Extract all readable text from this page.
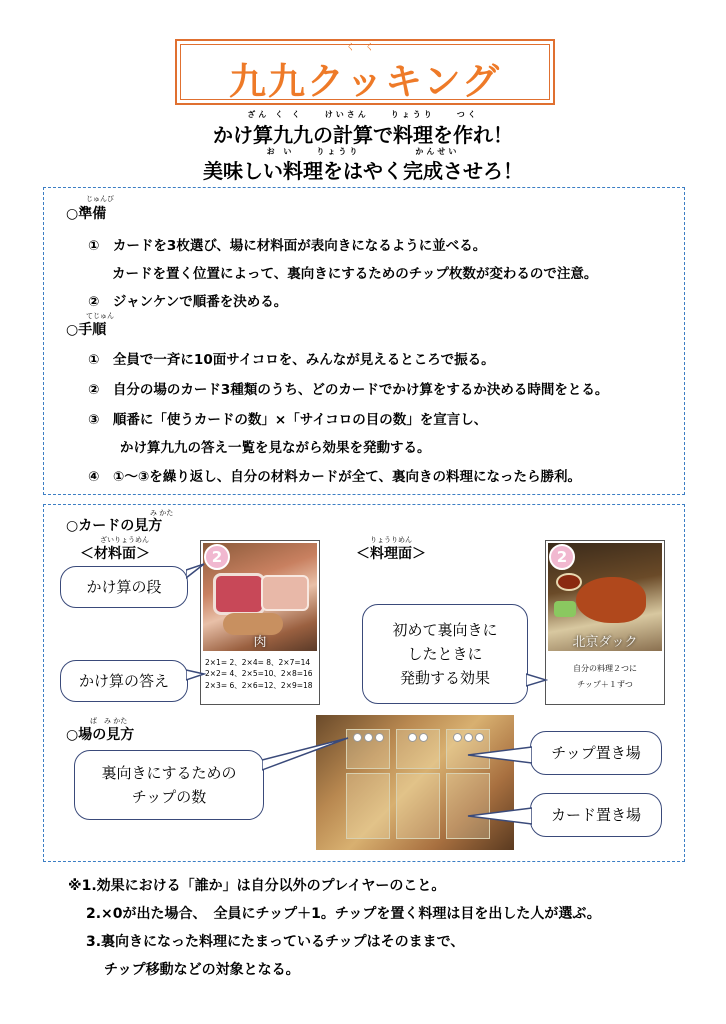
くく
九九クッキング
ざん く く　　けいさん　　りょうり　　つく
かけ算九九の計算で料理を作れ！
お い　　りょうり　　　　　かんせい
美味しい料理をはやく完成させろ！
じゅんび
○準備
①　カードを3枚選び、場に材料面が表向きになるように並べる。
カードを置く位置によって、裏向きにするためのチップ枚数が変わるので注意。
②　ジャンケンで順番を決める。
てじゅん
○手順
①　全員で一斉に10面サイコロを、みんなが見えるところで振る。
②　自分の場のカード3種類のうち、どのカードでかけ算をするか決める時間をとる。
③　順番に「使うカードの数」×「サイコロの目の数」を宣言し、
かけ算九九の答え一覧を見ながら効果を発動する。
④　①～③を繰り返し、自分の材料カードが全て、裏向きの料理になったら勝利。
み かた
○カードの見方
ざいりょうめん
＜材料面＞
りょうりめん
＜料理面＞
肉
2
2×1= 2、2×4= 8、2×7=14
2×2= 4、2×5=10、2×8=16
2×3= 6、2×6=12、2×9=18
北京ダック
2
自分の料理２つに
チップ＋１ずつ
かけ算の段
かけ算の答え
初めて裏向きに
したときに
発動する効果
ば　み かた
○場の見方
裏向きにするための
チップの数
チップ置き場
カード置き場
※1.効果における「誰か」は自分以外のプレイヤーのこと。
2.×0が出た場合、　全員にチップ＋1。チップを置く料理は目を出した人が選ぶ。
3.裏向きになった料理にたまっているチップはそのままで、
チップ移動などの対象となる。
